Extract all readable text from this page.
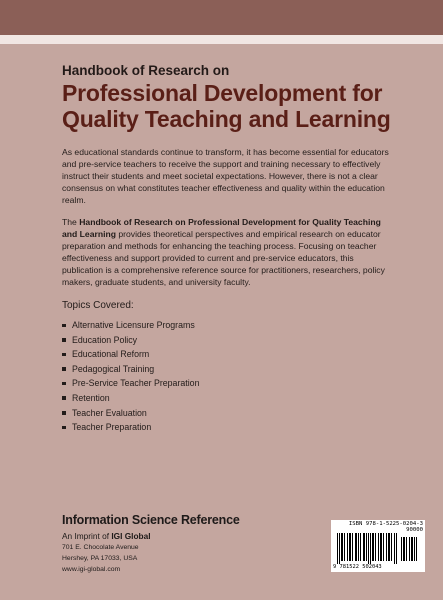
Handbook of Research on
Professional Development for Quality Teaching and Learning
As educational standards continue to transform, it has become essential for educators and pre-service teachers to receive the support and training necessary to effectively instruct their students and meet societal expectations. However, there is not a clear consensus on what constitutes teacher effectiveness and quality within the education realm.
The Handbook of Research on Professional Development for Quality Teaching and Learning provides theoretical perspectives and empirical research on educator preparation and methods for enhancing the teaching process. Focusing on teacher effectiveness and support provided to current and pre-service educators, this publication is a comprehensive reference source for practitioners, researchers, policy makers, graduate students, and university faculty.
Topics Covered:
Alternative Licensure Programs
Education Policy
Educational Reform
Pedagogical Training
Pre-Service Teacher Preparation
Retention
Teacher Evaluation
Teacher Preparation
Information Science Reference
An Imprint of IGI Global
701 E. Chocolate Avenue
Hershey, PA 17033, USA
www.igi-global.com
ISBN 978-1-5225-0204-3
90000
9 781522 502043
